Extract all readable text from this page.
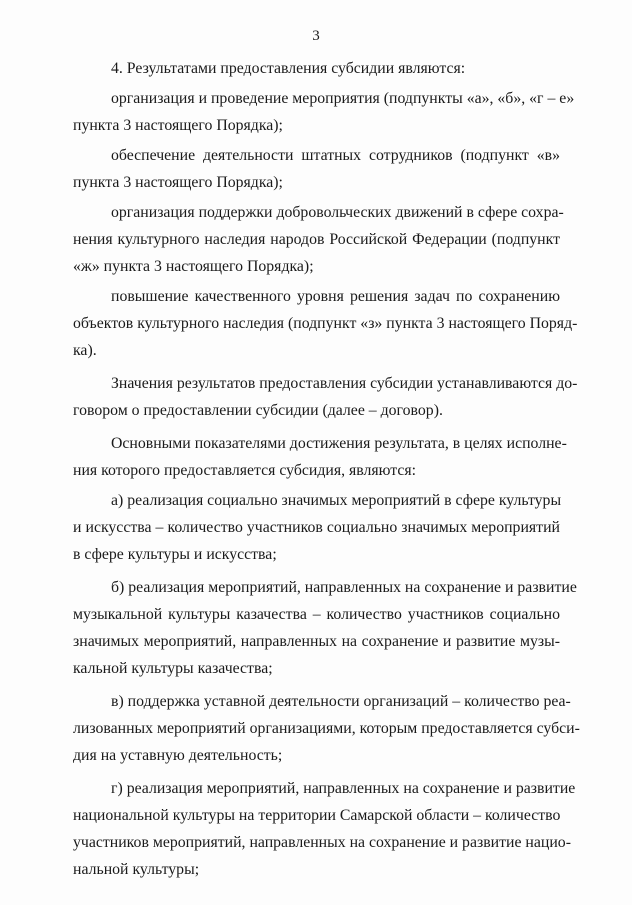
3
4. Результатами предоставления субсидии являются:
организация и проведение мероприятия (подпункты «а», «б», «г – е»
пункта 3 настоящего Порядка);
обеспечение деятельности штатных сотрудников (подпункт «в»
пункта 3 настоящего Порядка);
организация поддержки добровольческих движений в сфере сохра-
нения культурного наследия народов Российской Федерации (подпункт
«ж» пункта 3 настоящего Порядка);
повышение качественного уровня решения задач по сохранению
объектов культурного наследия (подпункт «з» пункта 3 настоящего Поряд-
ка).
Значения результатов предоставления субсидии устанавливаются до-
говором о предоставлении субсидии (далее – договор).
Основными показателями достижения результата, в целях исполне-
ния которого предоставляется субсидия, являются:
а) реализация социально значимых мероприятий в сфере культуры
и искусства – количество участников социально значимых мероприятий
в сфере культуры и искусства;
б) реализация мероприятий, направленных на сохранение и развитие
музыкальной культуры казачества – количество участников социально
значимых мероприятий, направленных на сохранение и развитие музы-
кальной культуры казачества;
в) поддержка уставной деятельности организаций – количество реа-
лизованных мероприятий организациями, которым предоставляется субси-
дия на уставную деятельность;
г) реализация мероприятий, направленных на сохранение и развитие
национальной культуры на территории Самарской области – количество
участников мероприятий, направленных на сохранение и развитие нацио-
нальной культуры;
